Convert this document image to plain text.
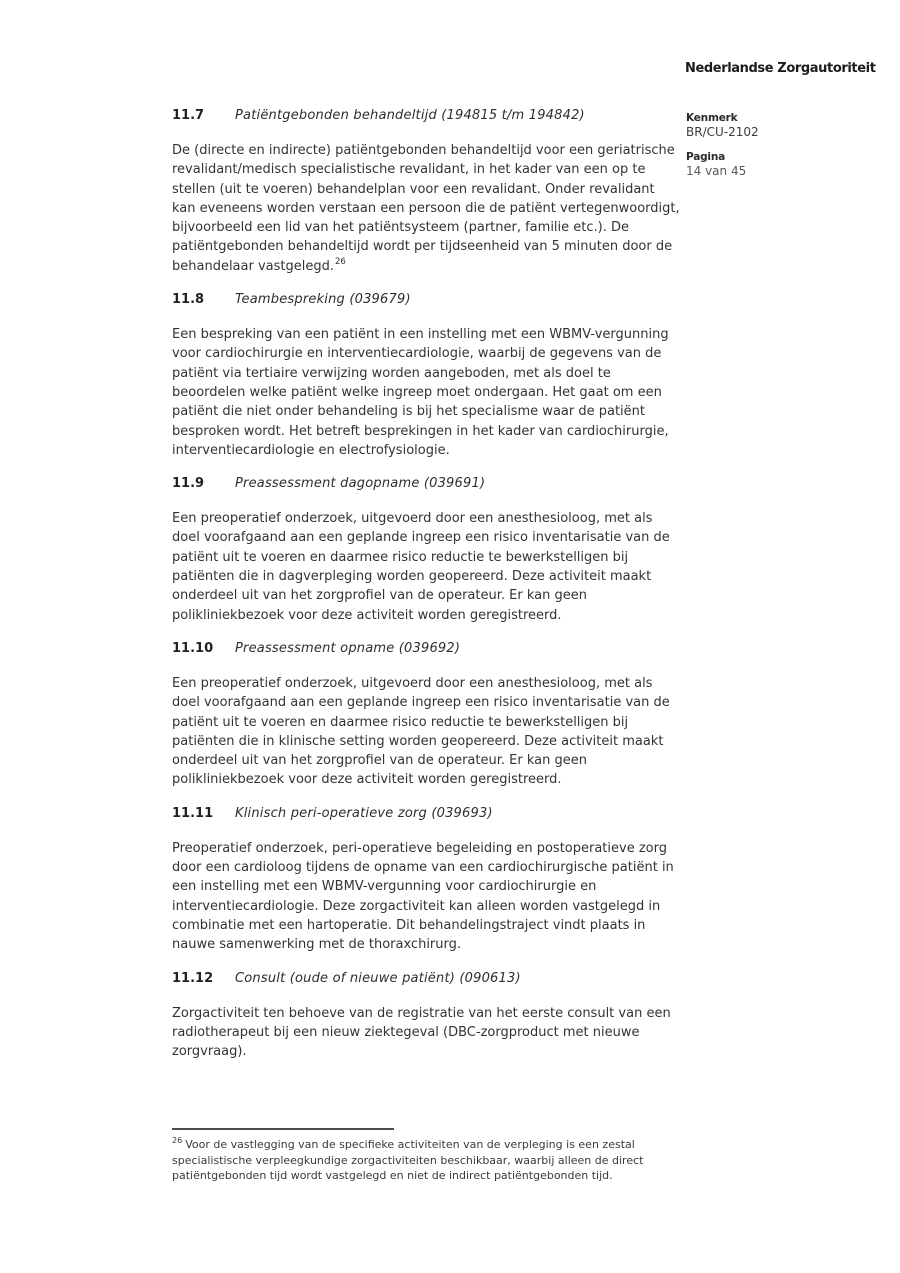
Nederlandse Zorgautoriteit
Kenmerk
BR/CU-2102
Pagina
14 van 45
11.7	Patiëntgebonden behandeltijd (194815 t/m 194842)

De (directe en indirecte) patiëntgebonden behandeltijd voor een geriatrische revalidant/medisch specialistische revalidant, in het kader van een op te stellen (uit te voeren) behandelplan voor een revalidant. Onder revalidant kan eveneens worden verstaan een persoon die de patiënt vertegenwoordigt, bijvoorbeeld een lid van het patiëntsysteem (partner, familie etc.). De patiëntgebonden behandeltijd wordt per tijdseenheid van 5 minuten door de behandelaar vastgelegd.$^{26}$

11.8	Teambespreking (039679)

Een bespreking van een patiënt in een instelling met een WBMV-vergunning voor cardiochirurgie en interventiecardiologie, waarbij de gegevens van de patiënt via tertiaire verwijzing worden aangeboden, met als doel te beoordelen welke patiënt welke ingreep moet ondergaan. Het gaat om een patiënt die niet onder behandeling is bij het specialisme waar de patiënt besproken wordt. Het betreft besprekingen in het kader van cardiochirurgie, interventiecardiologie en electrofysiologie.

11.9	Preassessment dagopname (039691)

Een preoperatief onderzoek, uitgevoerd door een anesthesioloog, met als doel voorafgaand aan een geplande ingreep een risico inventarisatie van de patiënt uit te voeren en daarmee risico reductie te bewerkstelligen bij patiënten die in dagverpleging worden geopereerd. Deze activiteit maakt onderdeel uit van het zorgprofiel van de operateur. Er kan geen polikliniekbezoek voor deze activiteit worden geregistreerd.

11.10	Preassessment opname (039692)

Een preoperatief onderzoek, uitgevoerd door een anesthesioloog, met als doel voorafgaand aan een geplande ingreep een risico inventarisatie van de patiënt uit te voeren en daarmee risico reductie te bewerkstelligen bij patiënten die in klinische setting worden geopereerd. Deze activiteit maakt onderdeel uit van het zorgprofiel van de operateur. Er kan geen polikliniekbezoek voor deze activiteit worden geregistreerd.

11.11	Klinisch peri-operatieve zorg (039693)

Preoperatief onderzoek, peri-operatieve begeleiding en postoperatieve zorg door een cardioloog tijdens de opname van een cardiochirurgische patiënt in een instelling met een WBMV-vergunning voor cardiochirurgie en interventiecardiologie. Deze zorgactiviteit kan alleen worden vastgelegd in combinatie met een hartoperatie. Dit behandelingstraject vindt plaats in nauwe samenwerking met de thoraxchirurg.

11.12	Consult (oude of nieuwe patiënt) (090613)

Zorgactiviteit ten behoeve van de registratie van het eerste consult van een radiotherapeut bij een nieuw ziektegeval (DBC-zorgproduct met nieuwe zorgvraag).

$^{26}$ Voor de vastlegging van de specifieke activiteiten van de verpleging is een zestal specialistische verpleegkundige zorgactiviteiten beschikbaar, waarbij alleen de direct patiëntgebonden tijd wordt vastgelegd en niet de indirect patiëntgebonden tijd.
